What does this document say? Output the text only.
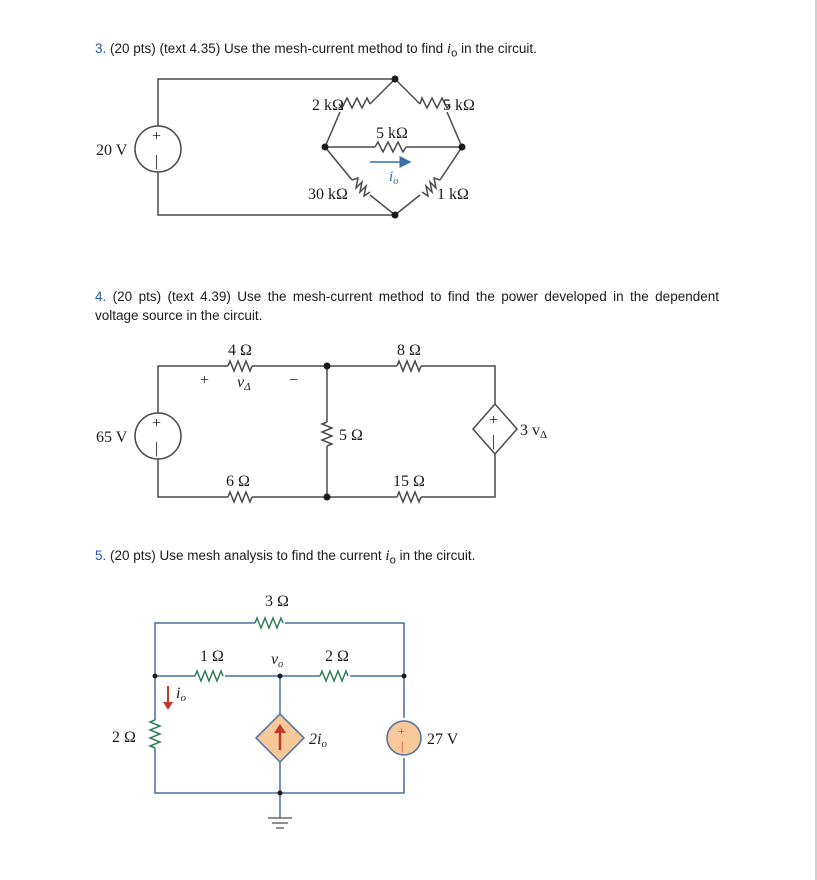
3. (20 pts) (text 4.35) Use the mesh-current method to find $i_o$ in the circuit.
4. (20 pts) (text 4.39) Use the mesh-current method to find the power developed in the dependent voltage source in the circuit.
5. (20 pts) Use mesh analysis to find the current $i_o$ in the circuit.
+
|
20 V
2 kΩ	5 kΩ
5 kΩ
30 kΩ	1 kΩ
$i_o$
+
|
+
|
65 V
4 Ω	8 Ω
5 Ω
6 Ω	15 Ω
+ vΔ −
3 vΔ
+
|
3 Ω
1 Ω	2 Ω
2 Ω
vo
io
2io	27 V
